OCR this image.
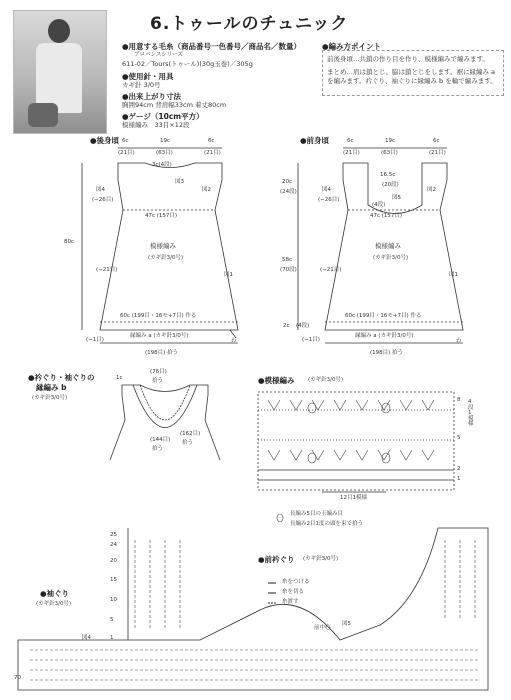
6.トゥールのチュニック
●用意する毛糸（商品番号一色番号／商品名／数量）
プロバンスシリーズ
611-02／Tours(トゥール)(30g玉巻)／305g
●使用針・用具
カギ針 3/0号
●出来上がり寸法
胸囲94cm 背肩幅33cm 着丈80cm
●ゲージ（10cm平方）
模様編み　33目×12段
●編み方ポイント
前後身頃…共鎖の作り目を作り、模様編みで編みます。
まとめ…肩は鎖とじ、脇は鎖とじをします。裾に縁編み a を編みます。衿ぐり、袖ぐりに縁編み b を輪で編みます。
●後身頃 6c	19c	6c
(21目)	(63目)	(21目)
3c(4段)
図3
図4
(−26目)
図2
47c (157目)
模様編み
(カギ針3/0号)
(−21目)
80c
図1
60c (199目・16モ+7目) 作る
縁編み a (カギ針3/0号)
(198目) 拾う
(−1目)	わ
●前身頃	6c	19c	6c
(21目)	(63目)	(21目)
16.5c
(20段)
(4段)
図4
(−26目)
図2
図5
20c
(24段)
47c (157目)
模様編み
(カギ針3/0号)
(−21目)
58c
(70段)
図1
60c (199目・16モ+7目) 作る
縁編み a (カギ針3/0号)
(198目) 拾う
(−1目)
2c (4段)
わ
●衿ぐり・袖ぐりの
縁編み b
(カギ針3/0号)
1c
(76目)
拾う
(144目)
拾う
(162目)
拾う
●模様編み (カギ針3/0号)
4段1模様
8
5
2
1
12目1模様
長編み5目の玉編み目
長編み2目1度の頭を束で拾う
●前衿ぐり (カギ針3/0号)
糸をつける
糸を切る
糸渡す
前中心
図5
●袖ぐり
(カギ針3/0号)
図4
25
24
20
15
10
5
1
70
